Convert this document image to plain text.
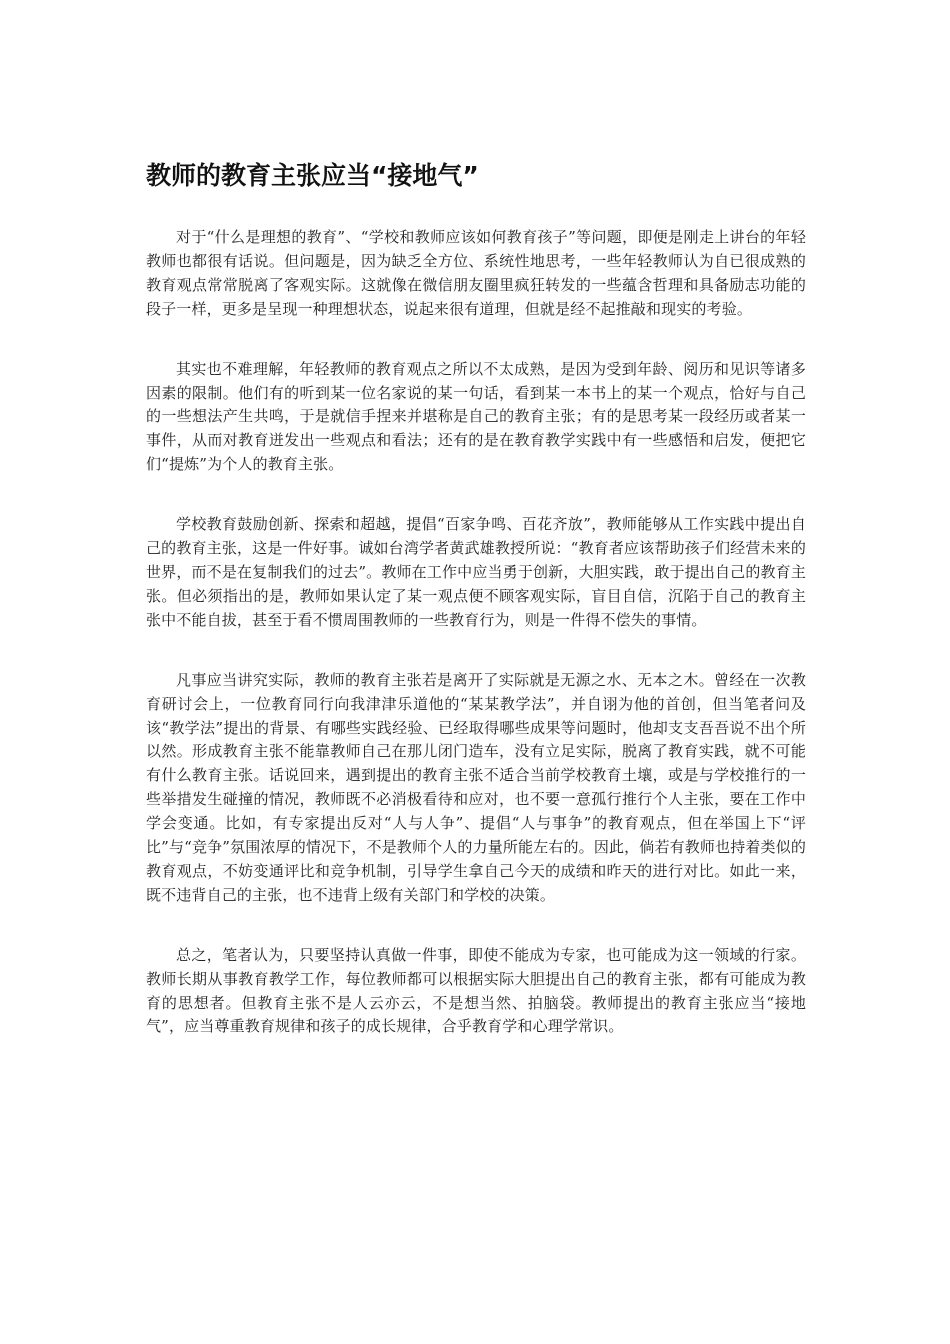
教师的教育主张应当“接地气”

对于“什么是理想的教育”、“学校和教师应该如何教育孩子”等问题，即便是刚走上讲台的年轻教师也都很有话说。但问题是，因为缺乏全方位、系统性地思考，一些年轻教师认为自已很成熟的教育观点常常脱离了客观实际。这就像在微信朋友圈里疯狂转发的一些蕴含哲理和具备励志功能的段子一样，更多是呈现一种理想状态，说起来很有道理，但就是经不起推敲和现实的考验。

其实也不难理解，年轻教师的教育观点之所以不太成熟，是因为受到年龄、阅历和见识等诸多因素的限制。他们有的听到某一位名家说的某一句话，看到某一本书上的某一个观点，恰好与自己的一些想法产生共鸣，于是就信手捏来并堪称是自己的教育主张；有的是思考某一段经历或者某一事件，从而对教育迸发出一些观点和看法；还有的是在教育教学实践中有一些感悟和启发，便把它们“提炼”为个人的教育主张。

学校教育鼓励创新、探索和超越，提倡“百家争鸣、百花齐放”，教师能够从工作实践中提出自己的教育主张，这是一件好事。诚如台湾学者黄武雄教授所说：“教育者应该帮助孩子们经营未来的世界，而不是在复制我们的过去”。教师在工作中应当勇于创新，大胆实践，敢于提出自己的教育主张。但必须指出的是，教师如果认定了某一观点便不顾客观实际，盲目自信，沉陷于自己的教育主张中不能自拔，甚至于看不惯周围教师的一些教育行为，则是一件得不偿失的事情。

凡事应当讲究实际，教师的教育主张若是离开了实际就是无源之水、无本之木。曾经在一次教育研讨会上，一位教育同行向我津津乐道他的“某某教学法”，并自诩为他的首创，但当笔者问及该“教学法”提出的背景、有哪些实践经验、已经取得哪些成果等问题时，他却支支吾吾说不出个所以然。形成教育主张不能靠教师自己在那儿闭门造车，没有立足实际，脱离了教育实践，就不可能有什么教育主张。话说回来，遇到提出的教育主张不适合当前学校教育土壤，或是与学校推行的一些举措发生碰撞的情况，教师既不必消极看待和应对，也不要一意孤行推行个人主张，要在工作中学会变通。比如，有专家提出反对“人与人争”、提倡“人与事争”的教育观点，但在举国上下“评比”与“竞争”氛围浓厚的情况下，不是教师个人的力量所能左右的。因此，倘若有教师也持着类似的教育观点，不妨变通评比和竞争机制，引导学生拿自己今天的成绩和昨天的进行对比。如此一来，既不违背自己的主张，也不违背上级有关部门和学校的决策。

总之，笔者认为，只要坚持认真做一件事，即使不能成为专家，也可能成为这一领域的行家。教师长期从事教育教学工作，每位教师都可以根据实际大胆提出自己的教育主张，都有可能成为教育的思想者。但教育主张不是人云亦云，不是想当然、拍脑袋。教师提出的教育主张应当“接地气”，应当尊重教育规律和孩子的成长规律，合乎教育学和心理学常识。
